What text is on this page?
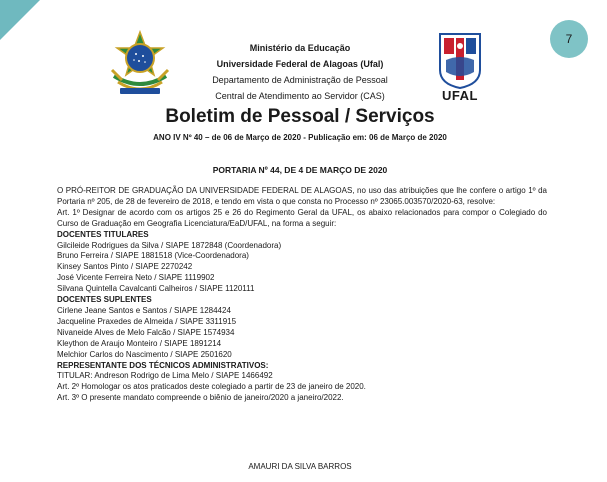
7
UFAL
Ministério da Educação
Universidade Federal de Alagoas (Ufal)
Departamento de Administração de Pessoal
Central de Atendimento ao Servidor (CAS)
Boletim de Pessoal / Serviços
ANO IV Nº 40 – de 06 de Março de 2020 - Publicação em: 06 de Março de 2020
PORTARIA Nº 44, DE 4 DE MARÇO DE 2020

O PRÓ-REITOR DE GRADUAÇÃO DA UNIVERSIDADE FEDERAL DE ALAGOAS, no uso das atribuições que lhe confere o artigo 1º da Portaria nº 205, de 28 de fevereiro de 2018, e tendo em vista o que consta no Processo nº 23065.003570/2020-63, resolve:

Art. 1º Designar de acordo com os artigos 25 e 26 do Regimento Geral da UFAL, os abaixo relacionados para compor o Colegiado do Curso de Graduação em Geografia Licenciatura/EaD/UFAL, na forma a seguir:

DOCENTES TITULARES

Gilcileide Rodrigues da Silva / SIAPE 1872848 (Coordenadora)

Bruno Ferreira / SIAPE 1881518 (Vice-Coordenadora)

Kinsey Santos Pinto / SIAPE 2270242

José Vicente Ferreira Neto / SIAPE 1119902

Silvana Quintella Cavalcanti Calheiros / SIAPE 1120111

DOCENTES SUPLENTES

Cirlene Jeane Santos e Santos / SIAPE 1284424

Jacqueline Praxedes de Almeida / SIAPE 3311915

Nivaneide Alves de Melo Falcão / SIAPE 1574934

Kleython de Araujo Monteiro / SIAPE 1891214

Melchior Carlos do Nascimento / SIAPE 2501620

REPRESENTANTE DOS TÉCNICOS ADMINISTRATIVOS:

TITULAR: Andreson Rodrigo de Lima Melo / SIAPE 1466492

Art. 2º Homologar os atos praticados deste colegiado a partir de 23 de janeiro de 2020.

Art. 3º O presente mandato compreende o biênio de janeiro/2020 a janeiro/2022.

AMAURI DA SILVA BARROS
